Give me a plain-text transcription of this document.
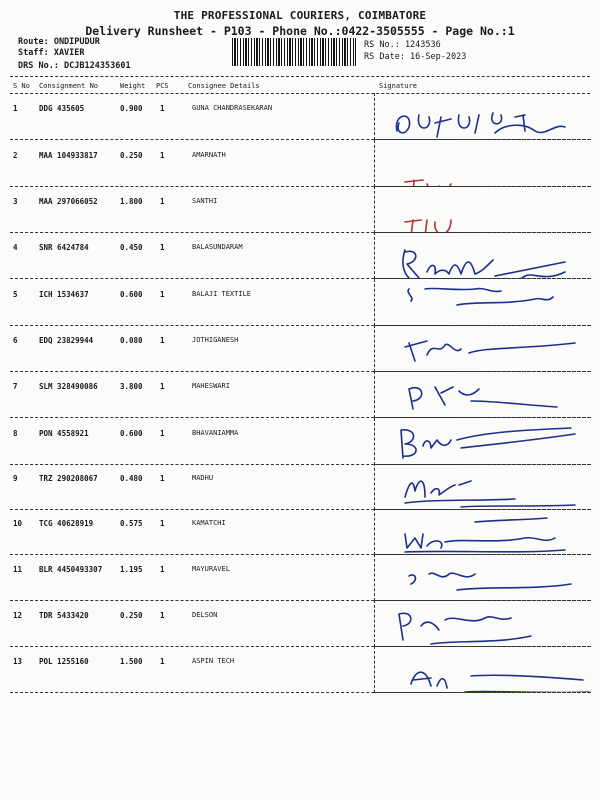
THE PROFESSIONAL COURIERS, COIMBATORE
Delivery Runsheet - P103 - Phone No.:0422-3505555 - Page No.:1
Route: ONDIPUDUR
Staff: XAVIER
DRS No.: DCJB124353601
RS No.: 1243536
RS Date: 16-Sep-2023
S No Consignment No	Weight PCS	Consignee Details	Signature
1	DDG 435605	0.900 1	GUNA CHANDRASEKARAN
2	MAA 104933817	0.250 1	AMARNATH
3	MAA 297066052	1.800 1	SANTHI
4	SNR 6424784	0.450 1	BALASUNDARAM
5	ICH 1534637	0.600 1	BALAJI TEXTILE
6	EDQ 23829944	0.080 1	JOTHIGANESH
7	SLM 328490086	3.800 1	MAHESWARI
8	PON 4558921	0.600 1	BHAVANIAMMA
9	TRZ 290208067	0.480 1	MADHU
10 TCG 40628919	0.575 1	KAMATCHI
11 BLR 4450493307 1.195 1	MAYURAVEL
12 TDR 5433420	0.250 1	DELSON
13 POL 1255160	1.500 1	ASPIN TECH
